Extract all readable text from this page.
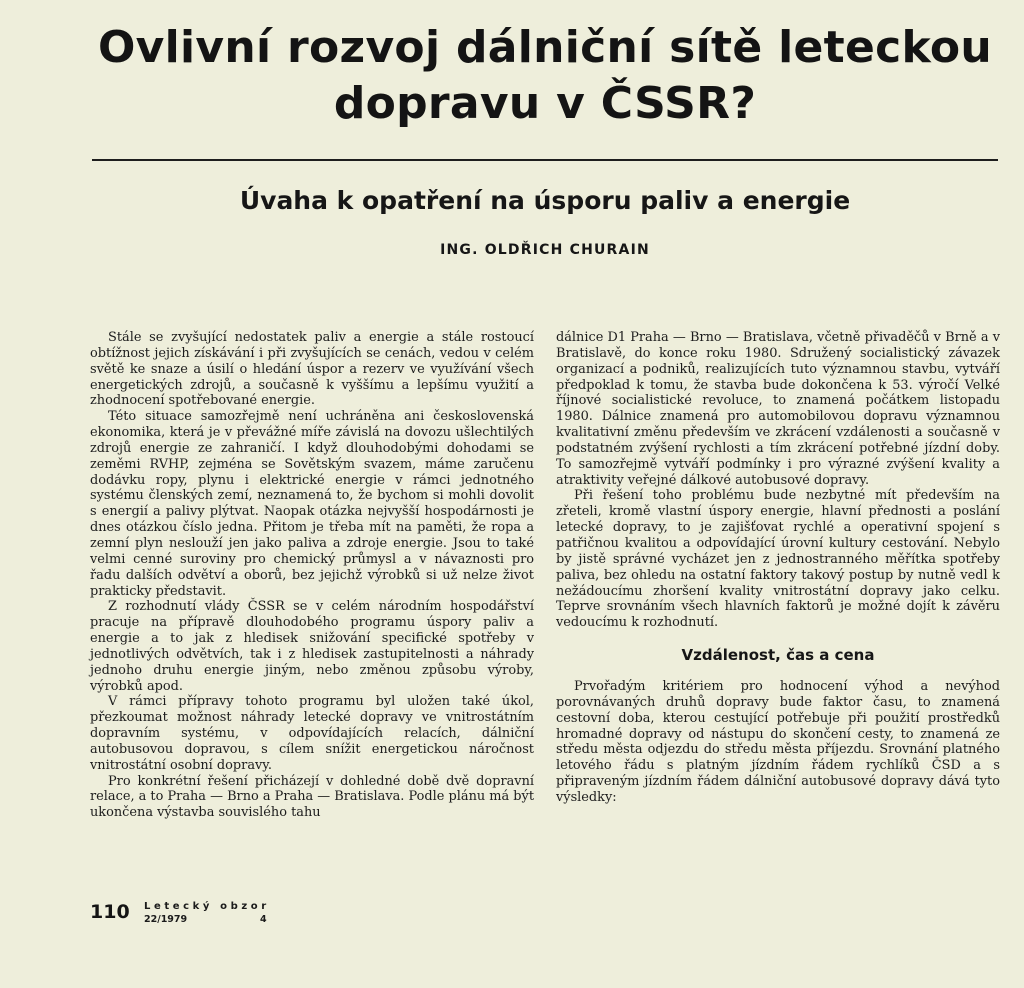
Ovlivní rozvoj dálniční sítě leteckou dopravu v ČSSR?
Úvaha k opatření na úsporu paliv a energie
ING. OLDŘICH CHURAIN

Stále se zvyšující nedostatek paliv a energie a stále rostoucí obtížnost jejich získávání i při zvyšujících se cenách, vedou v celém světě ke snaze a úsilí o hledání úspor a rezerv ve využívání všech energetických zdrojů, a současně k vyššímu a lepšímu využití a zhodnocení spotřebované energie.

Této situace samozřejmě není uchráněna ani československá ekonomika, která je v převážné míře závislá na dovozu ušlechtilých zdrojů energie ze zahraničí. I když dlouhodobými dohodami se zeměmi RVHP, zejména se Sovětským svazem, máme zaručenu dodávku ropy, plynu i elektrické energie v rámci jednotného systému členských zemí, neznamená to, že bychom si mohli dovolit s energií a palivy plýtvat. Naopak otázka nejvyšší hospodárnosti je dnes otázkou číslo jedna. Přitom je třeba mít na paměti, že ropa a zemní plyn neslouží jen jako paliva a zdroje energie. Jsou to také velmi cenné suroviny pro chemický průmysl a v návaznosti pro řadu dalších odvětví a oborů, bez jejichž výrobků si už nelze život prakticky představit.

Z rozhodnutí vlády ČSSR se v celém národním hospodářství pracuje na přípravě dlouhodobého programu úspory paliv a energie a to jak z hledisek snižování specifické spotřeby v jednotlivých odvětvích, tak i z hledisek zastupitelnosti a náhrady jednoho druhu energie jiným, nebo změnou způsobu výroby, výrobků apod.

V rámci přípravy tohoto programu byl uložen také úkol, přezkoumat možnost náhrady letecké dopravy ve vnitrostátním dopravním systému, v odpovídajících relacích, dálniční autobusovou dopravou, s cílem snížit energetickou náročnost vnitrostátní osobní dopravy.

Pro konkrétní řešení přicházejí v dohledné době dvě dopravní relace, a to Praha — Brno a Praha — Bratislava. Podle plánu má být ukončena výstavba souvislého tahu

dálnice D1 Praha — Brno — Bratislava, včetně přivaděčů v Brně a v Bratislavě, do konce roku 1980. Sdružený socialistický závazek organizací a podniků, realizujících tuto významnou stavbu, vytváří předpoklad k tomu, že stavba bude dokončena k 53. výročí Velké říjnové socialistické revoluce, to znamená počátkem listopadu 1980. Dálnice znamená pro automobilovou dopravu významnou kvalitativní změnu především ve zkrácení vzdálenosti a současně v podstatném zvýšení rychlosti a tím zkrácení potřebné jízdní doby. To samozřejmě vytváří podmínky i pro výrazné zvýšení kvality a atraktivity veřejné dálkové autobusové dopravy.

Při řešení toho problému bude nezbytné mít především na zřeteli, kromě vlastní úspory energie, hlavní přednosti a poslání letecké dopravy, to je zajišťovat rychlé a operativní spojení s patřičnou kvalitou a odpovídající úrovní kultury cestování. Nebylo by jistě správné vycházet jen z jednostranného měřítka spotřeby paliva, bez ohledu na ostatní faktory takový postup by nutně vedl k nežádoucímu zhoršení kvality vnitrostátní dopravy jako celku. Teprve srovnáním všech hlavních faktorů je možné dojít k závěru vedoucímu k rozhodnutí.

Vzdálenost, čas a cena

Prvořadým kritériem pro hodnocení výhod a nevýhod porovnávaných druhů dopravy bude faktor času, to znamená cestovní doba, kterou cestující potřebuje při použití prostředků hromadné dopravy od nástupu do skončení cesty, to znamená ze středu města odjezdu do středu města příjezdu. Srovnání platného letového řádu s platným jízdním řádem rychlíků ČSD a s připraveným jízdním řádem dálniční autobusové dopravy dává tyto výsledky:

110 Letecký obzor
22/1979	4
